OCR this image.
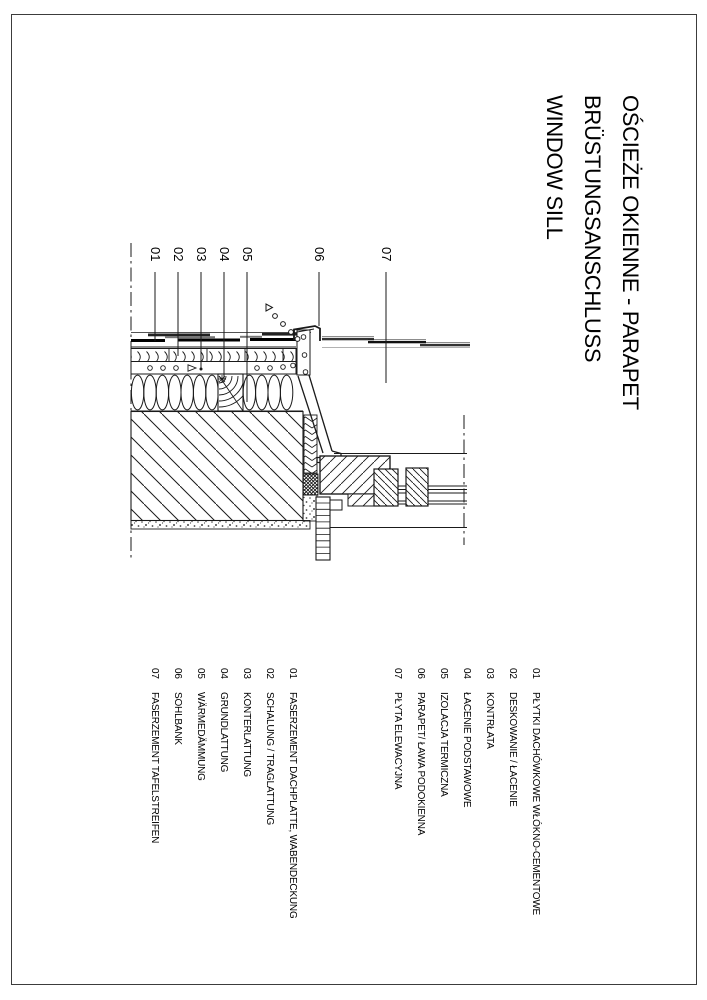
OŚCIEŻE OKIENNE - PARAPET
BRÜSTUNGSANSCHLUSS
WINDOW SILL
01 02 03 04 05	06	07
01PŁYTKI DACHÓWKOWE WŁÓKNO-CEMENTOWE
02DESKOWANIE / ŁACENIE
03KONTRŁATA
04ŁACENIE PODSTAWOWE
05IZOLACJA TERMICZNA
06PARAPET/ ŁAWA PODOKIENNA
07PŁYTA ELEWACYJNA
01FASERZEMENT DACHPLATTE, WABENDECKUNG
02SCHALUNG / TRAGLATTUNG
03KONTERLATTUNG
04GRUNDLATTUNG
05WÄRMEDÄMMUNG
06SOHLBANK
07FASERZEMENT TAFELSTREIFEN
